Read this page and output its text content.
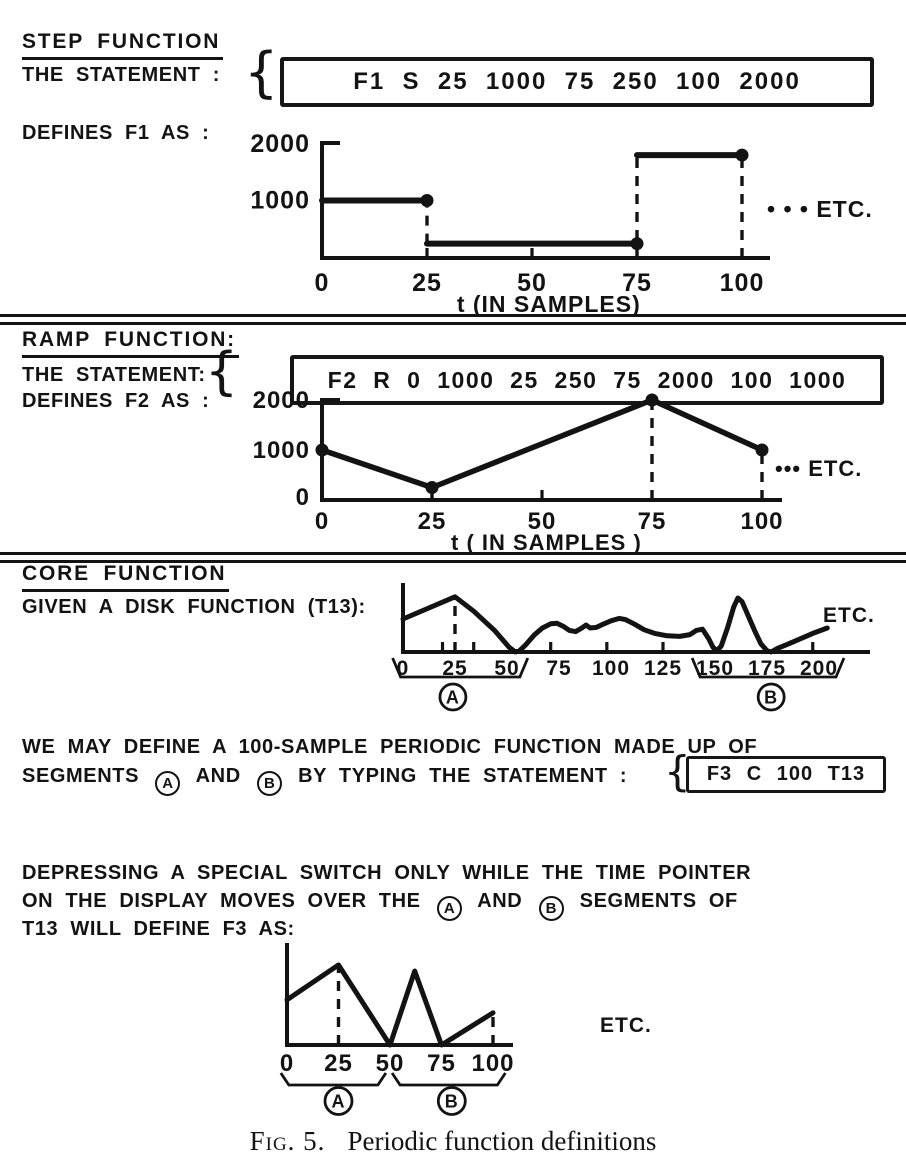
STEP FUNCTION
THE STATEMENT : {	F1  S  25  1000  75  250  100  2000
DEFINES F1 AS :
0	25	50	75	100
2000
1000
t (IN SAMPLES)
• • • ETC.
RAMP FUNCTION:
THE STATEMENT: {	F2  R  0  1000  25  250  75  2000  100  1000
DEFINES F2 AS :
0	25	50	75	100
2000
1000
0
t ( IN SAMPLES )
••• ETC.
CORE FUNCTION
GIVEN A DISK FUNCTION (T13):
0 25 50 75 100 125 150 175 200
ETC.
A	B
WE MAY DEFINE A 100-SAMPLE PERIODIC FUNCTION MADE UP OF
SEGMENTS A AND B BY TYPING THE STATEMENT : { F3 C 100 T13
DEPRESSING A SPECIAL SWITCH ONLY WHILE THE TIME POINTER
ON THE DISPLAY MOVES OVER THE A AND B SEGMENTS OF
T13 WILL DEFINE F3 AS:
0 25 50 75 100
ETC.
A	B
Fig. 5. Periodic function definitions
